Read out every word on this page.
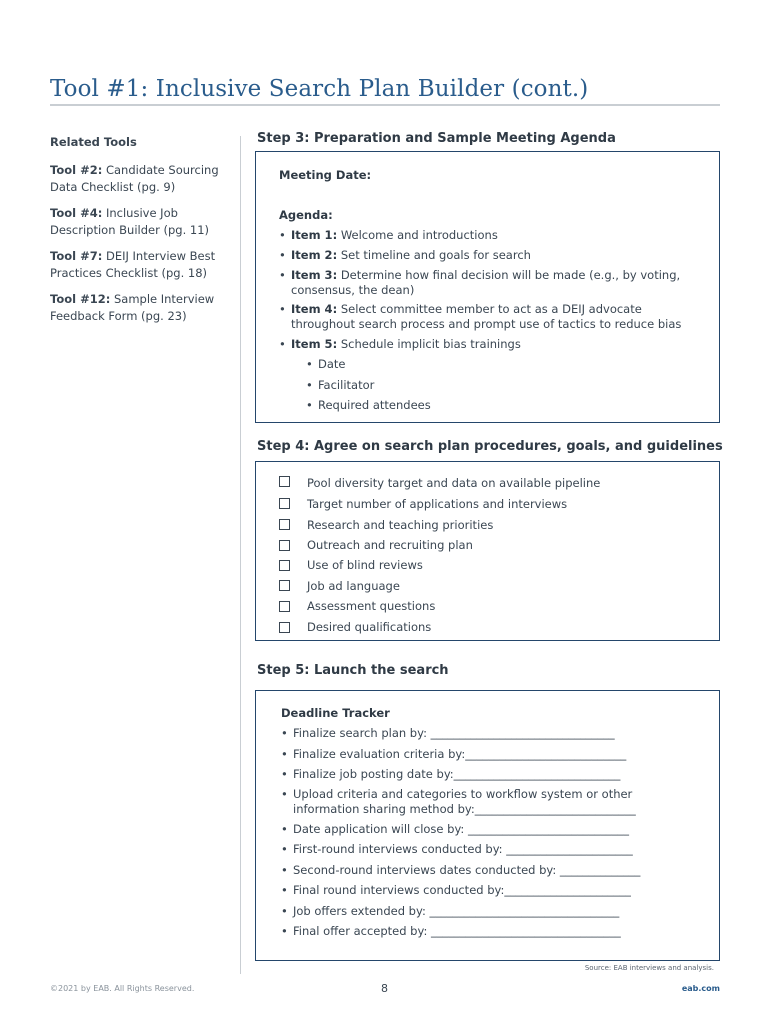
Tool #1: Inclusive Search Plan Builder (cont.)
Related Tools
Tool #2: Candidate Sourcing
Data Checklist (pg. 9)
Tool #4: Inclusive Job
Description Builder (pg. 11)
Tool #7: DEIJ Interview Best
Practices Checklist (pg. 18)
Tool #12: Sample Interview
Feedback Form (pg. 23)
Step 3: Preparation and Sample Meeting Agenda
Meeting Date:
Agenda:
• Item 1: Welcome and introductions
• Item 2: Set timeline and goals for search
• Item 3: Determine how final decision will be made (e.g., by voting,
consensus, the dean)
• Item 4: Select committee member to act as a DEIJ advocate
throughout search process and prompt use of tactics to reduce bias
• Item 5: Schedule implicit bias trainings
• Date
• Facilitator
• Required attendees
Step 4: Agree on search plan procedures, goals, and guidelines
Pool diversity target and data on available pipeline
Target number of applications and interviews
Research and teaching priorities
Outreach and recruiting plan
Use of blind reviews
Job ad language
Assessment questions
Desired qualifications
Step 5: Launch the search
Deadline Tracker
• Finalize search plan by: ________________________________
• Finalize evaluation criteria by:____________________________
• Finalize job posting date by:_____________________________
• Upload criteria and categories to workflow system or other
information sharing method by:____________________________
• Date application will close by: ____________________________
• First-round interviews conducted by: ______________________
• Second-round interviews dates conducted by: ______________
• Final round interviews conducted by:______________________
• Job offers extended by: _________________________________
• Final offer accepted by: _________________________________
Source: EAB interviews and analysis.
©2021 by EAB. All Rights Reserved.	8	eab.com
